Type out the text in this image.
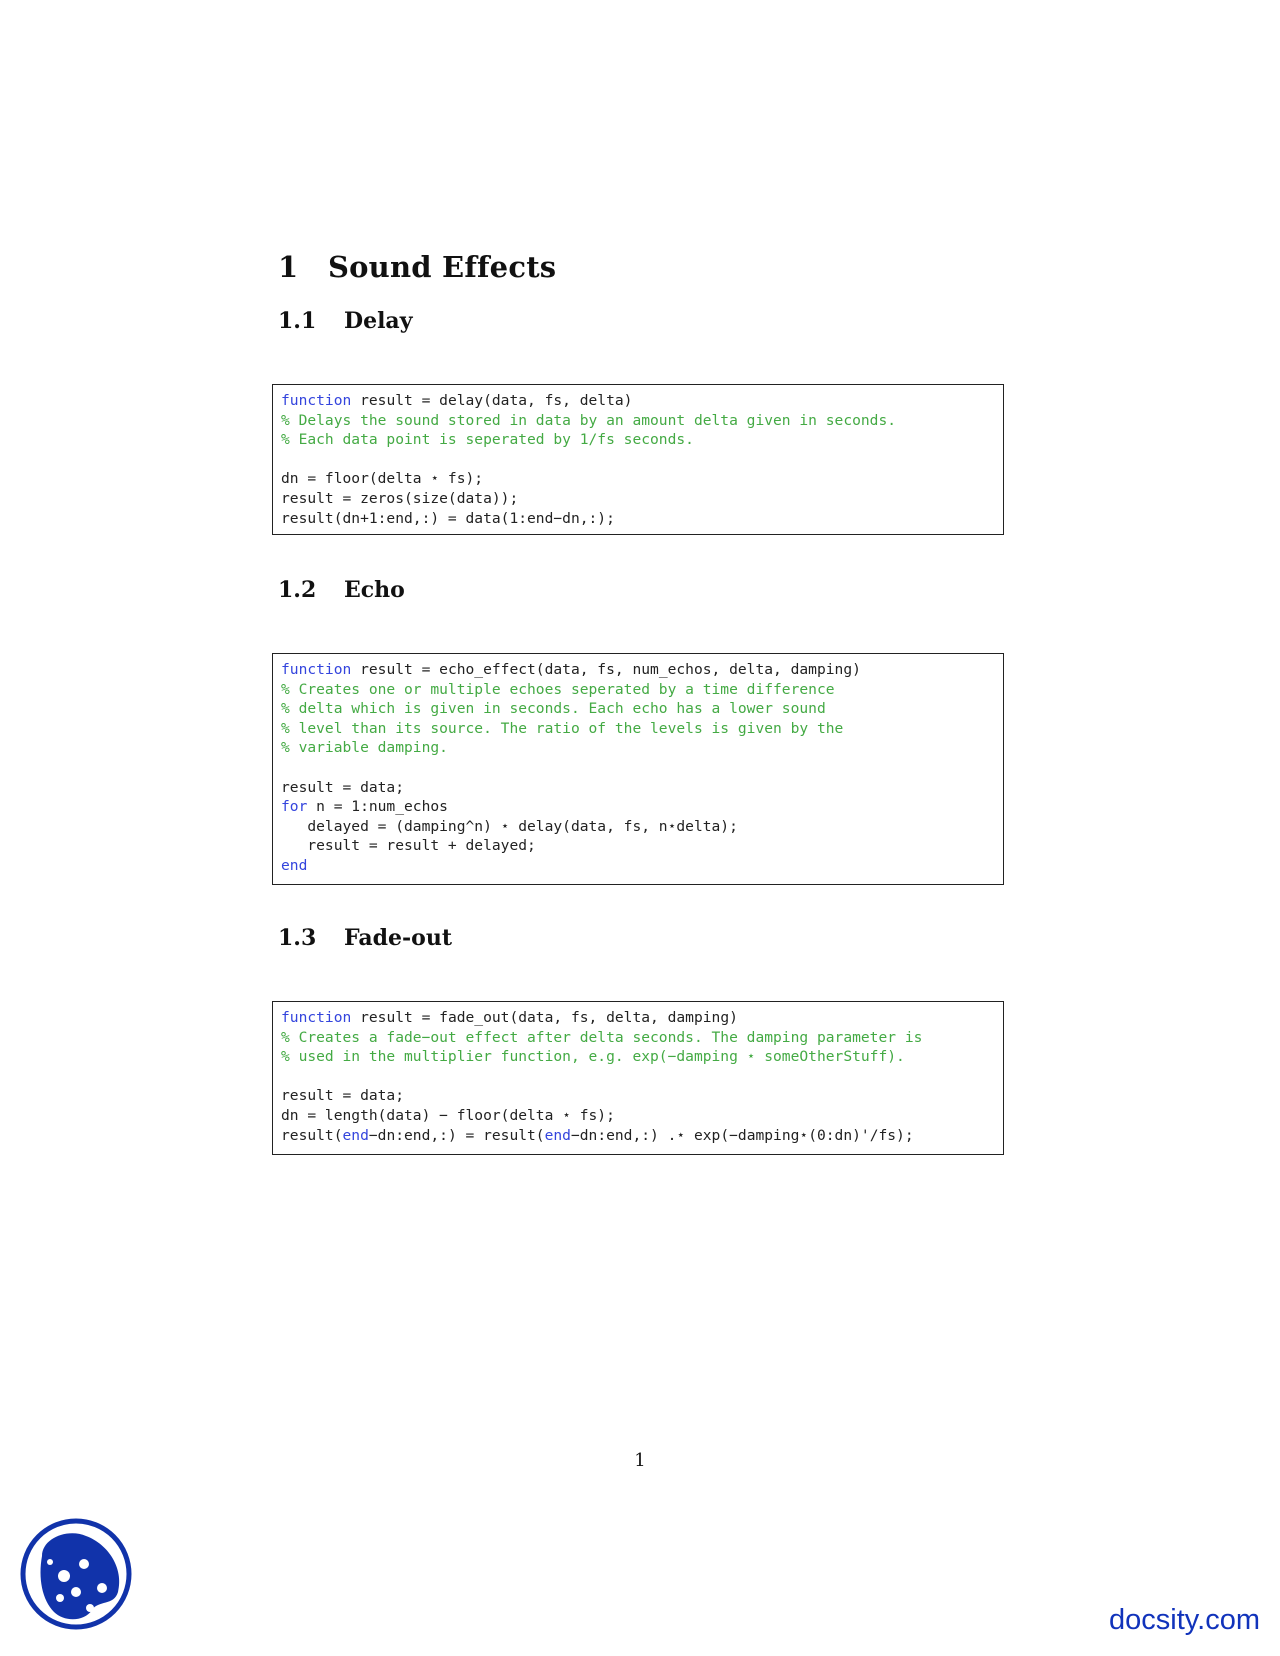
1 Sound Effects
1.1 Delay
function result = delay(data, fs, delta)
% Delays the sound stored in data by an amount delta given in seconds.
% Each data point is seperated by 1/fs seconds.

dn = floor(delta ⋆ fs);
result = zeros(size(data));
result(dn+1:end,:) = data(1:end−dn,:);
1.2 Echo
function result = echo_effect(data, fs, num_echos, delta, damping)
% Creates one or multiple echoes seperated by a time difference
% delta which is given in seconds. Each echo has a lower sound
% level than its source. The ratio of the levels is given by the
% variable damping.

result = data;
for n = 1:num_echos
delayed = (damping^n) ⋆ delay(data, fs, n⋆delta);
result = result + delayed;
end
1.3 Fade-out
function result = fade_out(data, fs, delta, damping)
% Creates a fade−out effect after delta seconds. The damping parameter is
% used in the multiplier function, e.g. exp(−damping ⋆ someOtherStuff).

result = data;
dn = length(data) − floor(delta ⋆ fs);
result(end−dn:end,:) = result(end−dn:end,:) .⋆ exp(−damping⋆(0:dn)'/fs);
1
docsity.com
